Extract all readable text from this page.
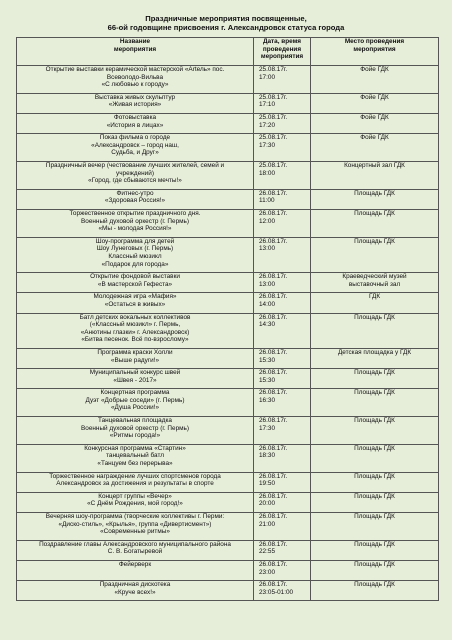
Праздничные мероприятия посвященные,
66-ой годовщине присвоения г. Александровск статуса города
Название
мероприятия	Дата, время
проведения
мероприятия	Место проведения
мероприятия

Открытие выставки керамической мастерской «Artель» пос.
Всеволодо-Вильва
«С любовью к городу»	25.08.17г.
17:00	Фойе ГДК

Выставка живых скульптур
«Живая история»	25.08.17г.
17:10	Фойе ГДК

Фотовыставка
«История в лицах»	25.08.17г.
17:20	Фойе ГДК

Показ фильма о городе
«Александровск – город наш,
Судьба, и Друг»	25.08.17г.
17:30	Фойе ГДК

Праздничный вечер (чествование лучших жителей, семей и
учреждений)
«Город, где сбываются мечты!»	25.08.17г.
18:00	Концертный зал ГДК

Фитнес-утро
«Здоровая Россия!»	26.08.17г.
11:00	Площадь ГДК

Торжественное открытие праздничного дня.
Военный духовой оркестр (г. Пермь)
«Мы - молодая Россия!»	26.08.17г.
12:00	Площадь ГДК

Шоу-программа для детей
Шоу Лунеговых (г. Пермь)
Классный мюзикл
«Подарок для города»	26.08.17г.
13:00	Площадь ГДК

Открытие фондовой выставки
«В мастерской Гефеста»	26.08.17г.
13:00	Краеведческий музей
выставочный зал

Молодежная игра «Мафия»
«Остаться в живых»	26.08.17г.
14:00	ГДК

Батл детских вокальных коллективов
(«Классный мюзикл» г. Пермь,
«Анютины глазки» г. Александровск)
«Битва песенок. Всё по-взрослому»	26.08.17г.
14:30	Площадь ГДК

Программа краски Холли
«Выше радуги!»	26.08.17г.
15:30	Детская площадка у ГДК

Муниципальный конкурс швей
«Швея - 2017»	26.08.17г.
15:30	Площадь ГДК

Концертная программа
Дуэт «Добрые соседи» (г. Пермь)
«Душа России!»	26.08.17г.
16:30	Площадь ГДК

Танцевальная площадка
Военный духовой оркестр (г. Пермь)
«Ритмы города!»	26.08.17г.
17:30	Площадь ГДК

Конкурсная программа «Стартин»
танцевальный батл
«Танцуем без перерыва»	26.08.17г.
18:30	Площадь ГДК

Торжественное награждение лучших спортсменов города
Александровск за достижения и результаты в спорте	26.08.17г.
19:50	Площадь ГДК

Концерт группы «Вечер»
«С Днём Рождения, мой город!»	26.08.17г.
20:00	Площадь ГДК

Вечерняя шоу-программа (творческие коллективы г. Перми:
«Диско-стиль», «Крылья», группа «Дивертисмент»)
«Современные ритмы»	26.08.17г.
21:00	Площадь ГДК

Поздравление главы Александровского муниципального района
С. В. Богатыревой	26.08.17г.
22:55	Площадь ГДК

Фейерверк	26.08.17г.
23:00	Площадь ГДК

Праздничная дискотека
«Круче всех!»	26.08.17г.
23:05-01:00	Площадь ГДК
